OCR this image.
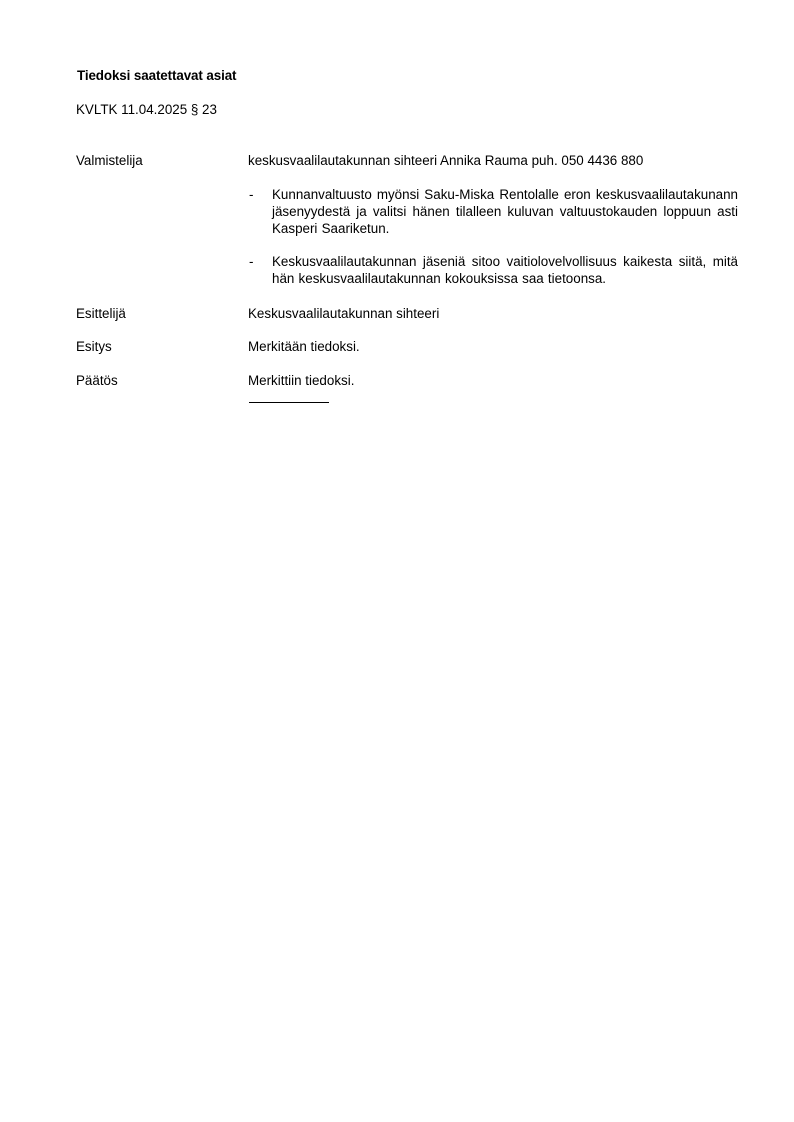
Tiedoksi saatettavat asiat
KVLTK 11.04.2025 § 23
Valmistelija	keskusvaalilautakunnan sihteeri Annika Rauma puh. 050 4436 880
- Kunnanvaltuusto myönsi Saku-Miska Rentolalle eron keskusvaalilautakunann jäsenyydestä ja valitsi hänen tilalleen kuluvan valtuustokauden loppuun asti Kasperi Saariketun.
- Keskusvaalilautakunnan jäseniä sitoo vaitiolovelvollisuus kaikesta siitä, mitä hän keskusvaalilautakunnan kokouksissa saa tietoonsa.
Esittelijä	Keskusvaalilautakunnan sihteeri
Esitys	Merkitään tiedoksi.
Päätös	Merkittiin tiedoksi.
